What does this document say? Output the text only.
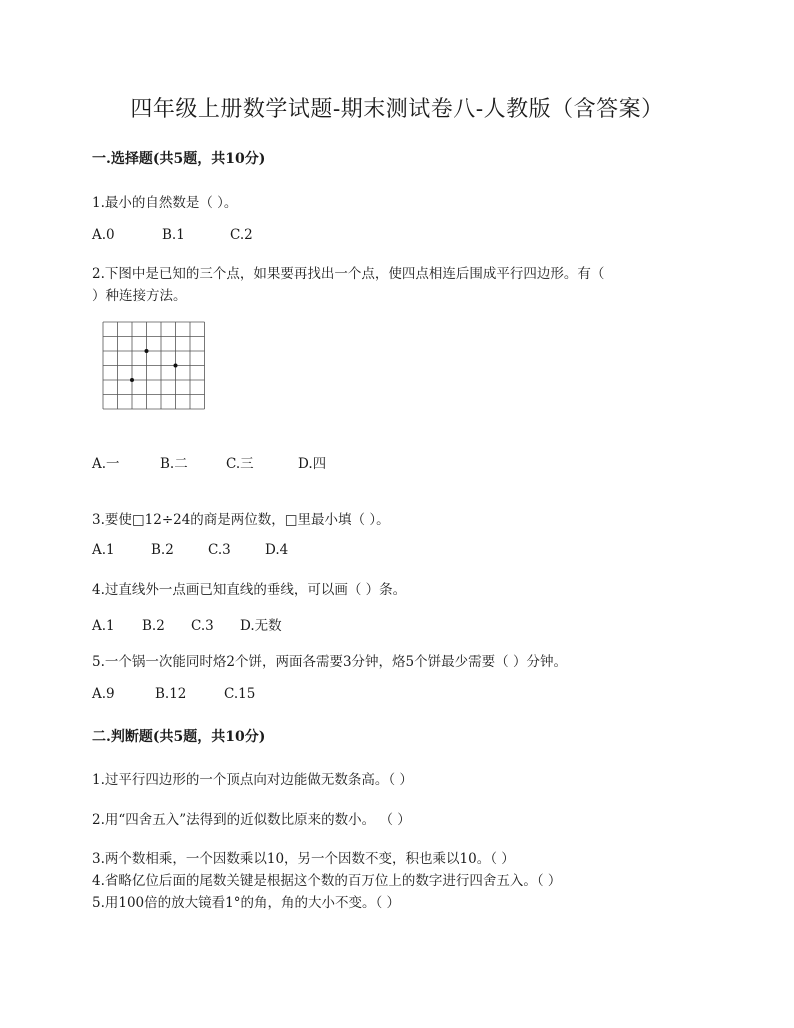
四年级上册数学试题-期末测试卷八-人教版（含答案）
一.选择题(共5题，共10分)
1.最小的自然数是（ ）。
A.0	B.1	C.2
2.下图中是已知的三个点，如果要再找出一个点，使四点相连后围成平行四边形。有（
）种连接方法。
A.一	B.二	C.三	D.四
3.要使□12÷24的商是两位数，□里最小填（ ）。
A.1	B.2	C.3	D.4
4.过直线外一点画已知直线的垂线，可以画（ ）条。
A.1 B.2 C.3 D.无数
5.一个锅一次能同时烙2个饼，两面各需要3分钟，烙5个饼最少需要（ ）分钟。
A.9	B.12	C.15
二.判断题(共5题，共10分)
1.过平行四边形的一个顶点向对边能做无数条高。（ ）
2.用“四舍五入”法得到的近似数比原来的数小。 （ ）
3.两个数相乘，一个因数乘以10，另一个因数不变，积也乘以10。（ ）
4.省略亿位后面的尾数关键是根据这个数的百万位上的数字进行四舍五入。（ ）
5.用100倍的放大镜看1°的角，角的大小不变。（ ）
